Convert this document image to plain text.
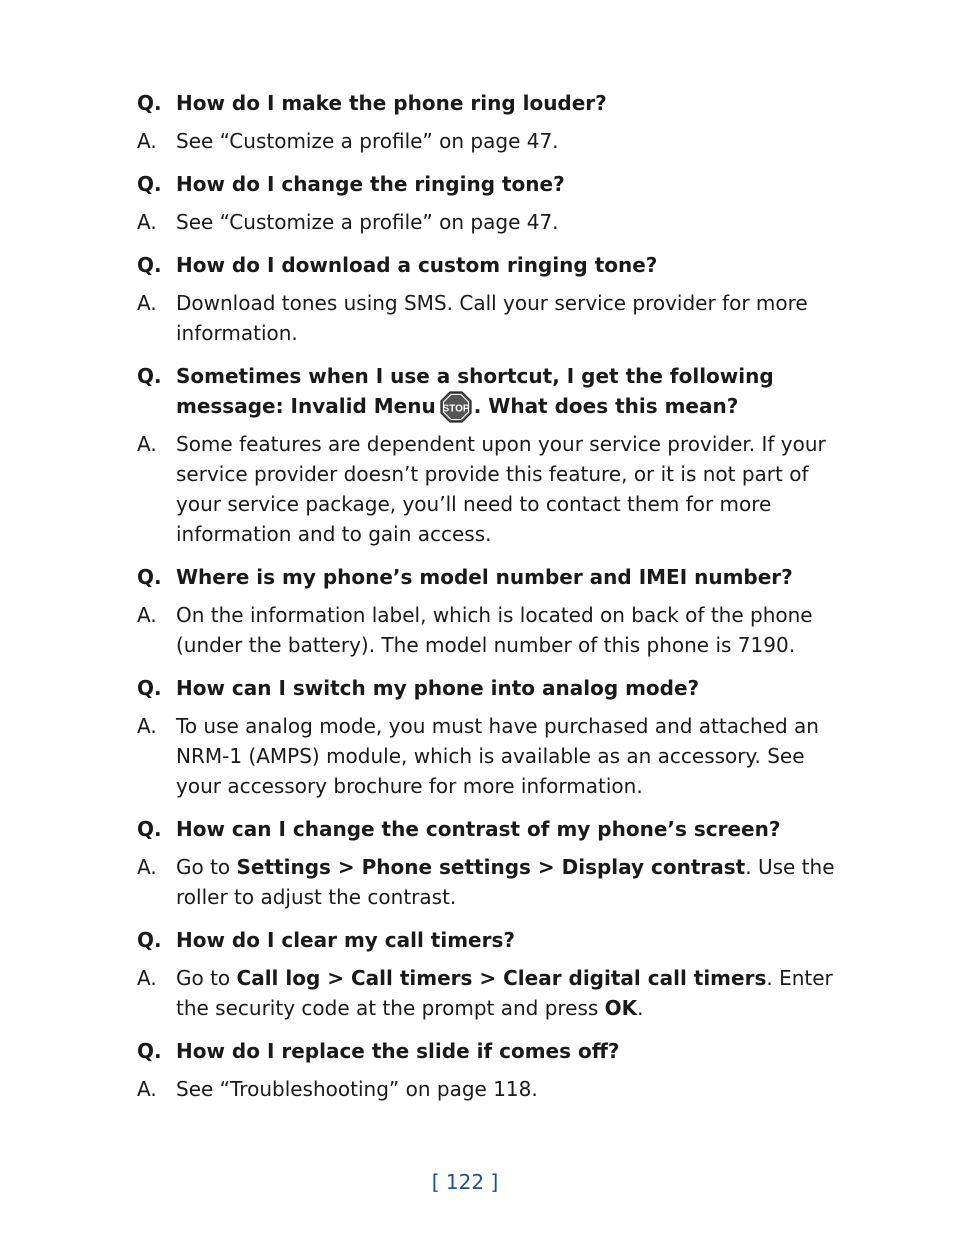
Q. How do I make the phone ring louder?
A. See “Customize a profile” on page 47.
Q. How do I change the ringing tone?
A. See “Customize a profile” on page 47.
Q. How do I download a custom ringing tone?
A. Download tones using SMS. Call your service provider for more information.
Q. Sometimes when I use a shortcut, I get the following message: Invalid Menu STOP . What does this mean?
A. Some features are dependent upon your service provider. If your service provider doesn’t provide this feature, or it is not part of your service package, you’ll need to contact them for more information and to gain access.
Q. Where is my phone’s model number and IMEI number?
A. On the information label, which is located on back of the phone (under the battery). The model number of this phone is 7190.
Q. How can I switch my phone into analog mode?
A. To use analog mode, you must have purchased and attached an NRM-1 (AMPS) module, which is available as an accessory. See your accessory brochure for more information.
Q. How can I change the contrast of my phone’s screen?
A. Go to Settings > Phone settings > Display contrast. Use the roller to adjust the contrast.
Q. How do I clear my call timers?
A. Go to Call log > Call timers > Clear digital call timers. Enter the security code at the prompt and press OK.
Q. How do I replace the slide if comes off?
A. See “Troubleshooting” on page 118.
[ 122 ]
